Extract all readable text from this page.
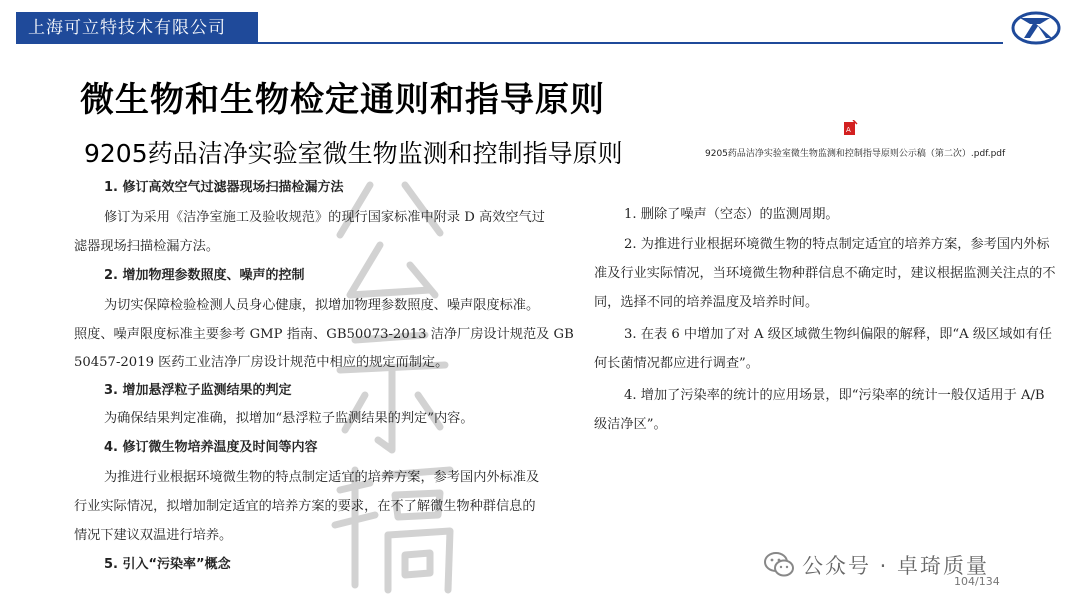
上海可立特技术有限公司
微生物和生物检定通则和指导原则
9205药品洁净实验室微生物监测和控制指导原则
A
9205药品洁净实验室微生物监测和控制指导原则公示稿（第二次）.pdf.pdf
1. 修订高效空气过滤器现场扫描检漏方法
修订为采用《洁净室施工及验收规范》的现行国家标准中附录 D 高效空气过
滤器现场扫描检漏方法。
2. 增加物理参数照度、噪声的控制
为切实保障检验检测人员身心健康，拟增加物理参数照度、噪声限度标准。
照度、噪声限度标准主要参考 GMP 指南、GB50073-2013 洁净厂房设计规范及 GB
50457-2019 医药工业洁净厂房设计规范中相应的规定而制定。
3. 增加悬浮粒子监测结果的判定
为确保结果判定准确，拟增加“悬浮粒子监测结果的判定”内容。
4. 修订微生物培养温度及时间等内容
为推进行业根据环境微生物的特点制定适宜的培养方案，参考国内外标准及
行业实际情况，拟增加制定适宜的培养方案的要求，在不了解微生物种群信息的
情况下建议双温进行培养。
5. 引入“污染率”概念
1. 删除了噪声（空态）的监测周期。
2. 为推进行业根据环境微生物的特点制定适宜的培养方案，参考国内外标
准及行业实际情况，当环境微生物种群信息不确定时，建议根据监测关注点的不
同，选择不同的培养温度及培养时间。
3. 在表 6 中增加了对 A 级区域微生物纠偏限的解释，即“A 级区域如有任
何长菌情况都应进行调查”。
4. 增加了污染率的统计的应用场景，即“污染率的统计一般仅适用于 A/B
级洁净区”。
公众号 · 卓琦质量
104/134
